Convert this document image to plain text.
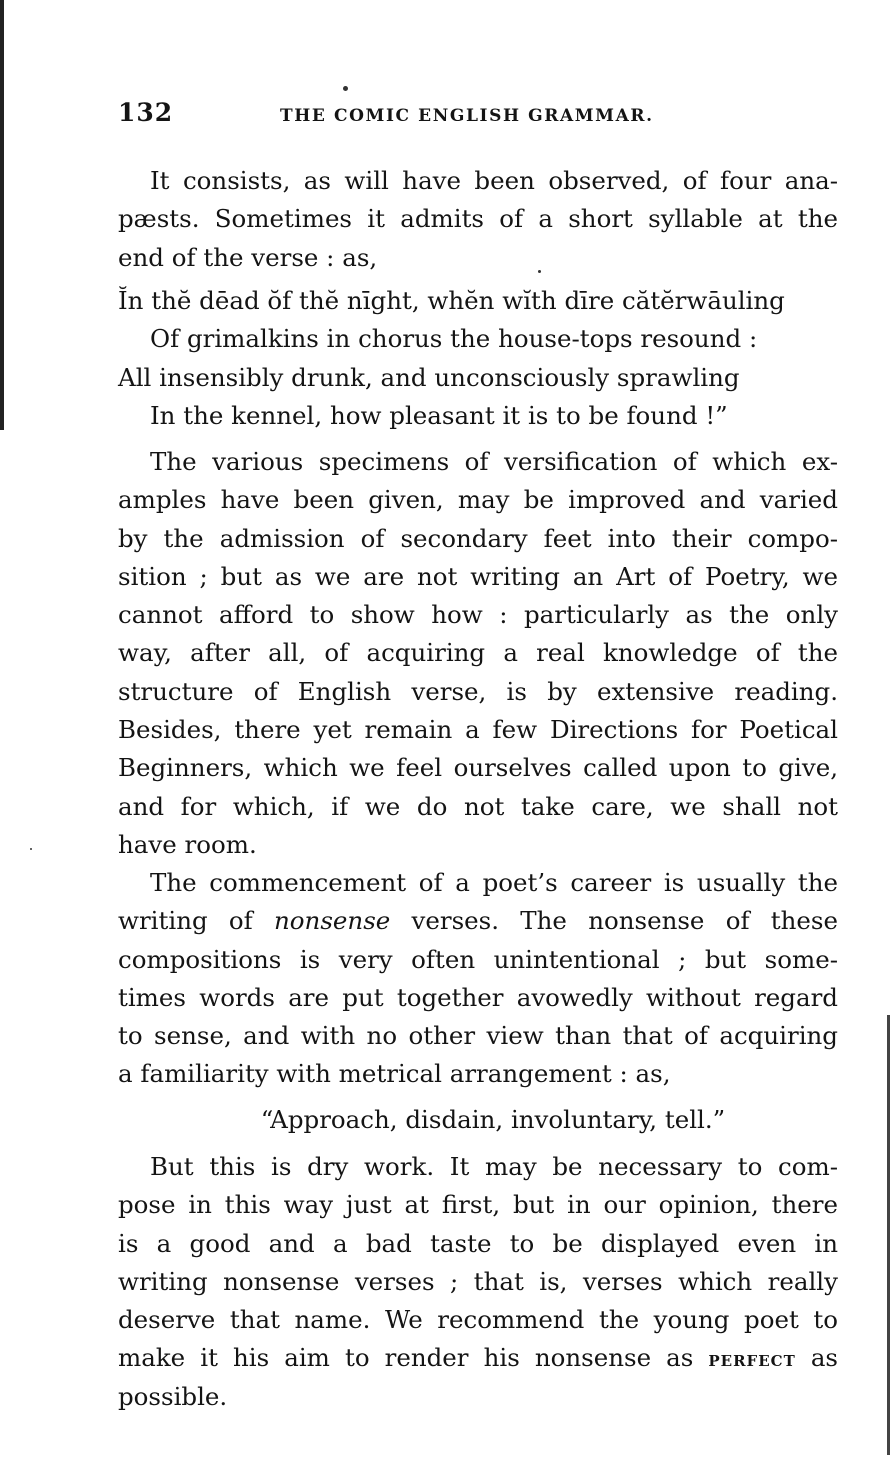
132	THE COMIC ENGLISH GRAMMAR.
It consists, as will have been observed, of four ana-
pæsts. Sometimes it admits of a short syllable at the
end of the verse : as,
Ĭn thĕ dēad ŏf thĕ nīght, whĕn wĭth dīre cătĕrwāuling
Of grimalkins in chorus the house-tops resound :
All insensibly drunk, and unconsciously sprawling
In the kennel, how pleasant it is to be found !”
The various specimens of versification of which ex-
amples have been given, may be improved and varied
by the admission of secondary feet into their compo-
sition ; but as we are not writing an Art of Poetry, we
cannot afford to show how : particularly as the only
way, after all, of acquiring a real knowledge of the
structure of English verse, is by extensive reading.
Besides, there yet remain a few Directions for Poetical
Beginners, which we feel ourselves called upon to give,
and for which, if we do not take care, we shall not
have room.
The commencement of a poet’s career is usually the
writing of nonsense verses. The nonsense of these
compositions is very often unintentional ; but some-
times words are put together avowedly without regard
to sense, and with no other view than that of acquiring
a familiarity with metrical arrangement : as,
“Approach, disdain, involuntary, tell.”
But this is dry work. It may be necessary to com-
pose in this way just at first, but in our opinion, there
is a good and a bad taste to be displayed even in
writing nonsense verses ; that is, verses which really
deserve that name. We recommend the young poet to
make it his aim to render his nonsense as perfect as
possible.
